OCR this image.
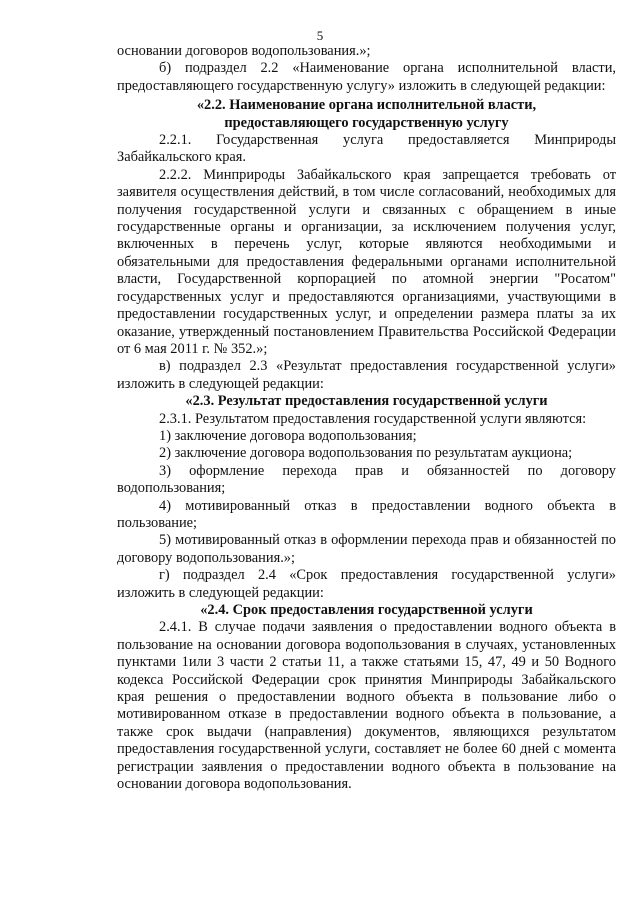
5

основании договоров водопользования.»;

б) подраздел 2.2 «Наименование органа исполнительной власти, предоставляющего государственную услугу» изложить в следующей редакции:

«2.2. Наименование органа исполнительной власти, предоставляющего государственную услугу

2.2.1. Государственная услуга предоставляется Минприроды Забайкальского края.

2.2.2. Минприроды Забайкальского края запрещается требовать от заявителя осуществления действий, в том числе согласований, необходимых для получения государственной услуги и связанных с обращением в иные государственные органы и организации, за исключением получения услуг, включенных в перечень услуг, которые являются необходимыми и обязательными для предоставления федеральными органами исполнительной власти, Государственной корпорацией по атомной энергии "Росатом" государственных услуг и предоставляются организациями, участвующими в предоставлении государственных услуг, и определении размера платы за их оказание, утвержденный постановлением Правительства Российской Федерации от 6 мая 2011 г. № 352.»;

в) подраздел 2.3 «Результат предоставления государственной услуги» изложить в следующей редакции:

«2.3. Результат предоставления государственной услуги

2.3.1. Результатом предоставления государственной услуги являются:

1) заключение договора водопользования;

2) заключение договора водопользования по результатам аукциона;

3) оформление перехода прав и обязанностей по договору водопользования;

4) мотивированный отказ в предоставлении водного объекта в пользование;

5) мотивированный отказ в оформлении перехода прав и обязанностей по договору водопользования.»;

г) подраздел 2.4 «Срок предоставления государственной услуги» изложить в следующей редакции:

«2.4. Срок предоставления государственной услуги

2.4.1. В случае подачи заявления о предоставлении водного объекта в пользование на основании договора водопользования в случаях, установленных пунктами 1или 3 части 2 статьи 11, а также статьями 15, 47, 49 и 50 Водного кодекса Российской Федерации срок принятия Минприроды Забайкальского края решения о предоставлении водного объекта в пользование либо о мотивированном отказе в предоставлении водного объекта в пользование, а также срок выдачи (направления) документов, являющихся результатом предоставления государственной услуги, составляет не более 60 дней с момента регистрации заявления о предоставлении водного объекта в пользование на основании договора водопользования.
